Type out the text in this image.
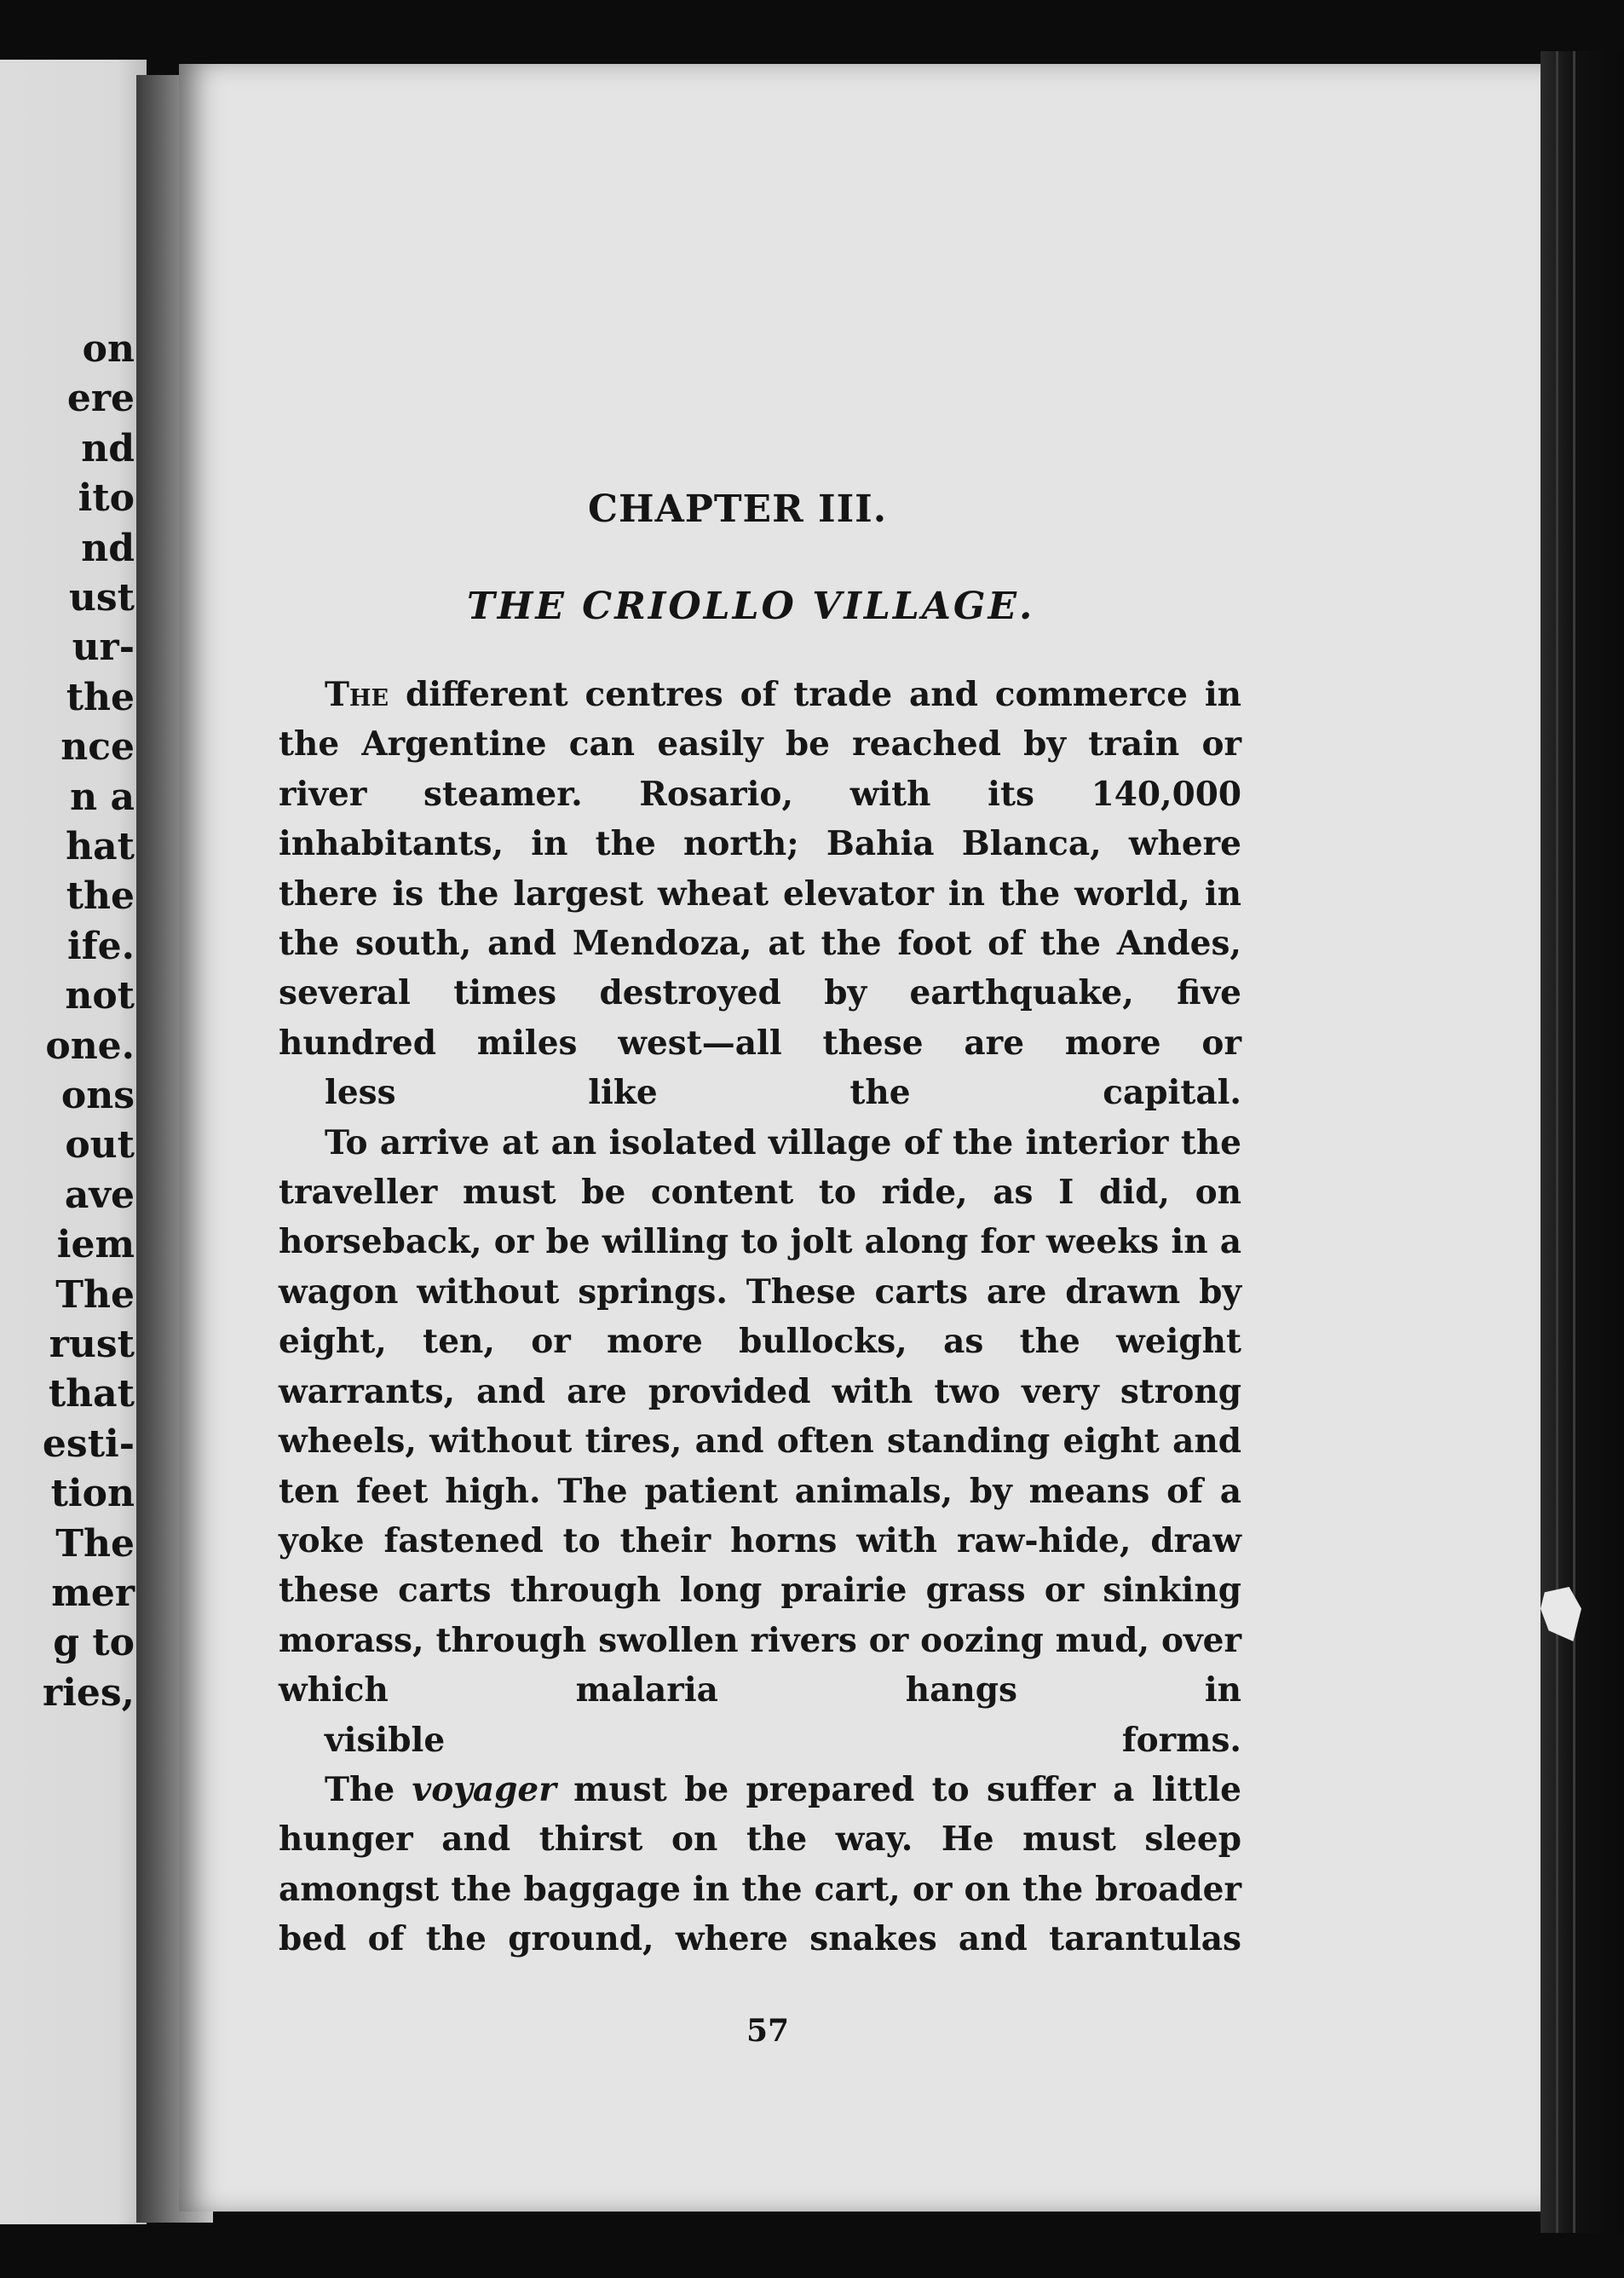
on
ere
nd
ito
nd
ust
ur-
the
nce
n a
hat
the
ife.
not
one.
ons
out
ave
iem
The
rust
that
esti-
tion
The
mer
g to
ries,
CHAPTER III.
THE CRIOLLO VILLAGE.

The different centres of trade and commerce in the Argentine can easily be reached by train or river steamer. Rosario, with its 140,000 inhabitants, in the north; Bahia Blanca, where there is the largest wheat elevator in the world, in the south, and Mendoza, at the foot of the Andes, several times destroyed by earthquake, five hundred miles west—all these are more or
less like the capital.

To arrive at an isolated village of the interior the traveller must be content to ride, as I did, on horseback, or be willing to jolt along for weeks in a wagon without springs. These carts are drawn by eight, ten, or more bullocks, as the weight warrants, and are provided with two very strong wheels, without tires, and often standing eight and ten feet high. The patient animals, by means of a yoke fastened to their horns with raw-hide, draw these carts through long prairie grass or sinking morass, through swollen rivers or oozing mud, over which malaria hangs in
visible forms.

The voyager must be prepared to suffer a little hunger and thirst on the way. He must sleep amongst the baggage in the cart, or on the broader bed of the ground, where snakes and tarantulas

57
